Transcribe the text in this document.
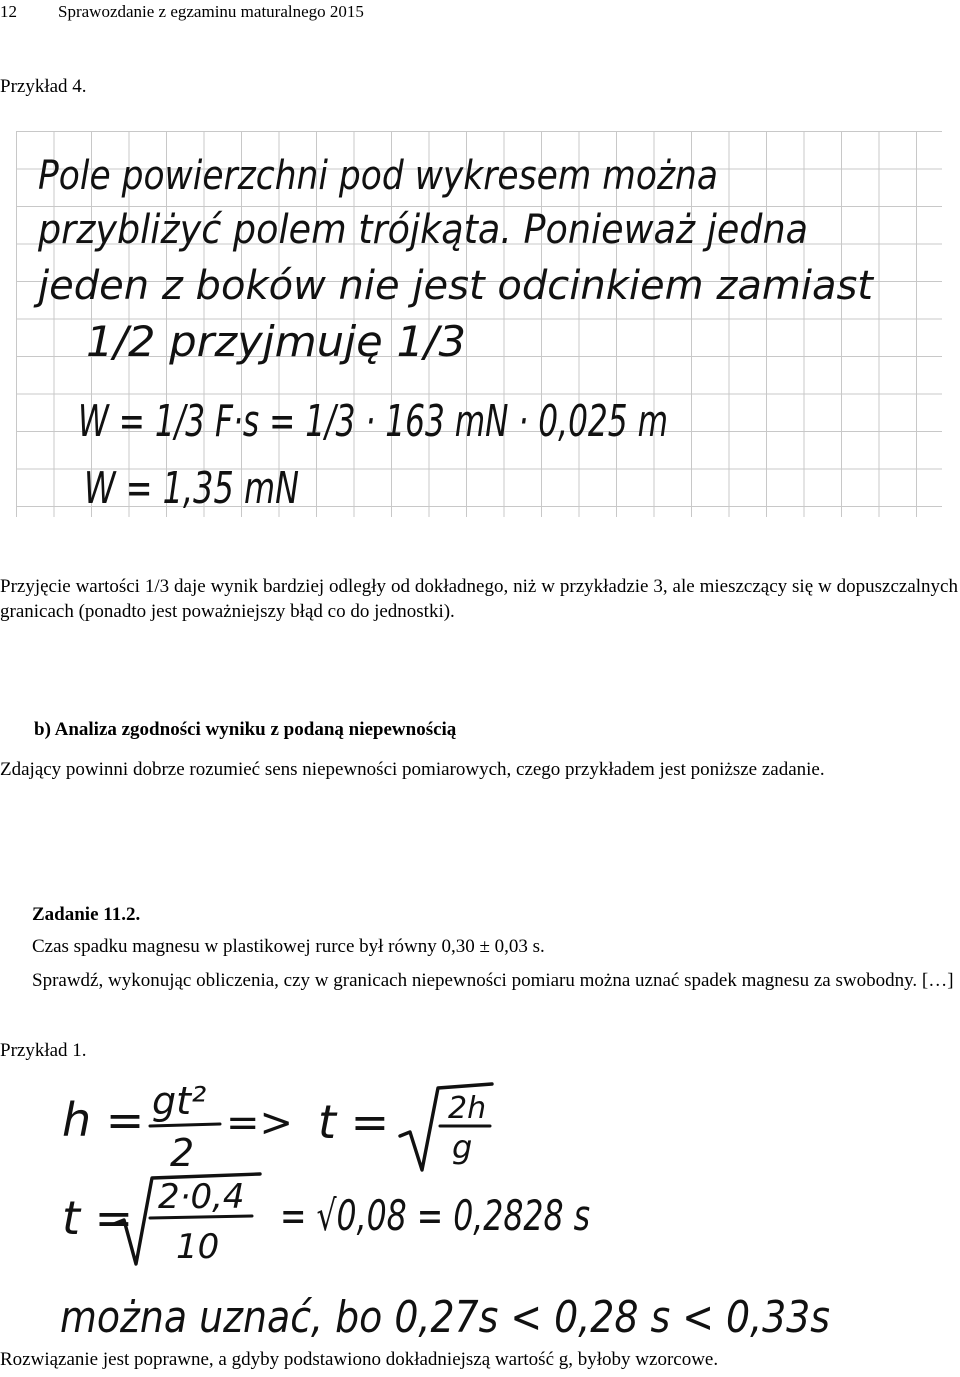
12 Sprawozdanie z egzaminu maturalnego 2015
Przykład 4.
Pole powierzchni pod wykresem można
przybliżyć polem trójkąta. Ponieważ jedna
jeden z boków nie jest odcinkiem zamiast
1/2 przyjmuję 1/3
W = 1/3 F·s = 1/3 · 163 mN · 0,025 m
W = 1,35 mN
Przyjęcie wartości 1/3 daje wynik bardziej odległy od dokładnego, niż w przykładzie 3, ale mieszczący się w dopuszczalnych granicach (ponadto jest poważniejszy błąd co do jednostki).
b) Analiza zgodności wyniku z podaną niepewnością
Zdający powinni dobrze rozumieć sens niepewności pomiarowych, czego przykładem jest poniższe zadanie.
Zadanie 11.2.
Czas spadku magnesu w plastikowej rurce był równy 0,30 ± 0,03 s.
Sprawdź, wykonując obliczenia, czy w granicach niepewności pomiaru można uznać spadek magnesu za swobodny. […]
Przykład 1.
h = gt²
2
=> t = 2h
g
t = 2·0,4
10
= √0,08 = 0,2828 s
można uznać, bo 0,27s < 0,28 s < 0,33s
Rozwiązanie jest poprawne, a gdyby podstawiono dokładniejszą wartość g, byłoby wzorcowe.
